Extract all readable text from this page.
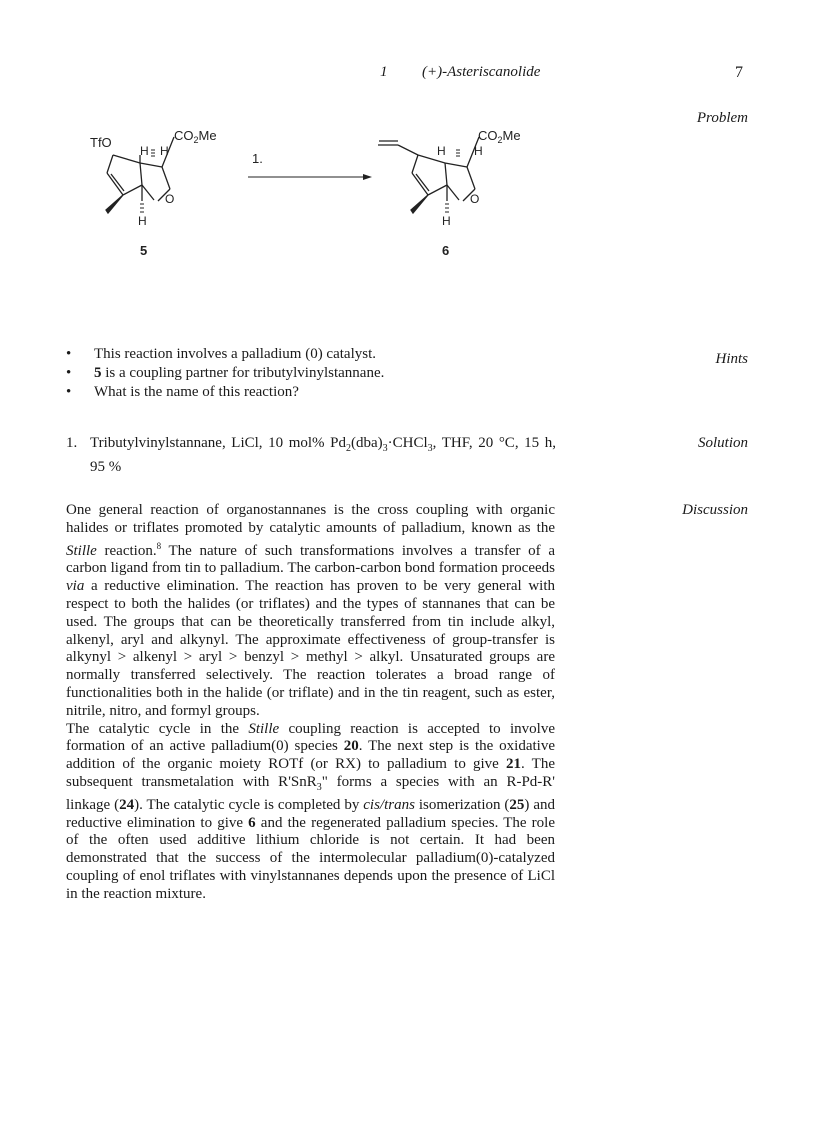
1 (+)-Asteriscanolide	7
Problem
Hints
Solution
Discussion
TfO
H H
$CO_2Me$
O
H
5
1.	H H
$CO_2Me$
O
H
6
• This reaction involves a palladium (0) catalyst.
• 5 is a coupling partner for tributylvinylstannane.
• What is the name of this reaction?
1. Tributylvinylstannane, LiCl, 10 mol% $Pd_2(dba)_3\cdot CHCl_3$, THF, 20 °C, 15 h, 95 %

One general reaction of organostannanes is the cross coupling with organic halides or triflates promoted by catalytic amounts of palladium, known as the Stille reaction.$^8$ The nature of such transformations involves a transfer of a carbon ligand from tin to palladium. The carbon-carbon bond formation proceeds via a reductive elimination. The reaction has proven to be very general with respect to both the halides (or triflates) and the types of stannanes that can be used. The groups that can be theoretically transferred from tin include alkyl, alkenyl, aryl and alkynyl. The approximate effectiveness of group-transfer is alkynyl > alkenyl > aryl > benzyl > methyl > alkyl. Unsaturated groups are normally transferred selectively. The reaction tolerates a broad range of functionalities both in the halide (or triflate) and in the tin reagent, such as ester, nitrile, nitro, and formyl groups.

The catalytic cycle in the Stille coupling reaction is accepted to involve formation of an active palladium(0) species 20. The next step is the oxidative addition of the organic moiety ROTf (or RX) to palladium to give 21. The subsequent transmetalation with R'SnR$_3$" forms a species with an R-Pd-R' linkage (24). The catalytic cycle is completed by cis/trans isomerization (25) and reductive elimination to give 6 and the regenerated palladium species. The role of the often used additive lithium chloride is not certain. It had been demonstrated that the success of the intermolecular palladium(0)-catalyzed coupling of enol triflates with vinylstannanes depends upon the presence of LiCl in the reaction mixture.
